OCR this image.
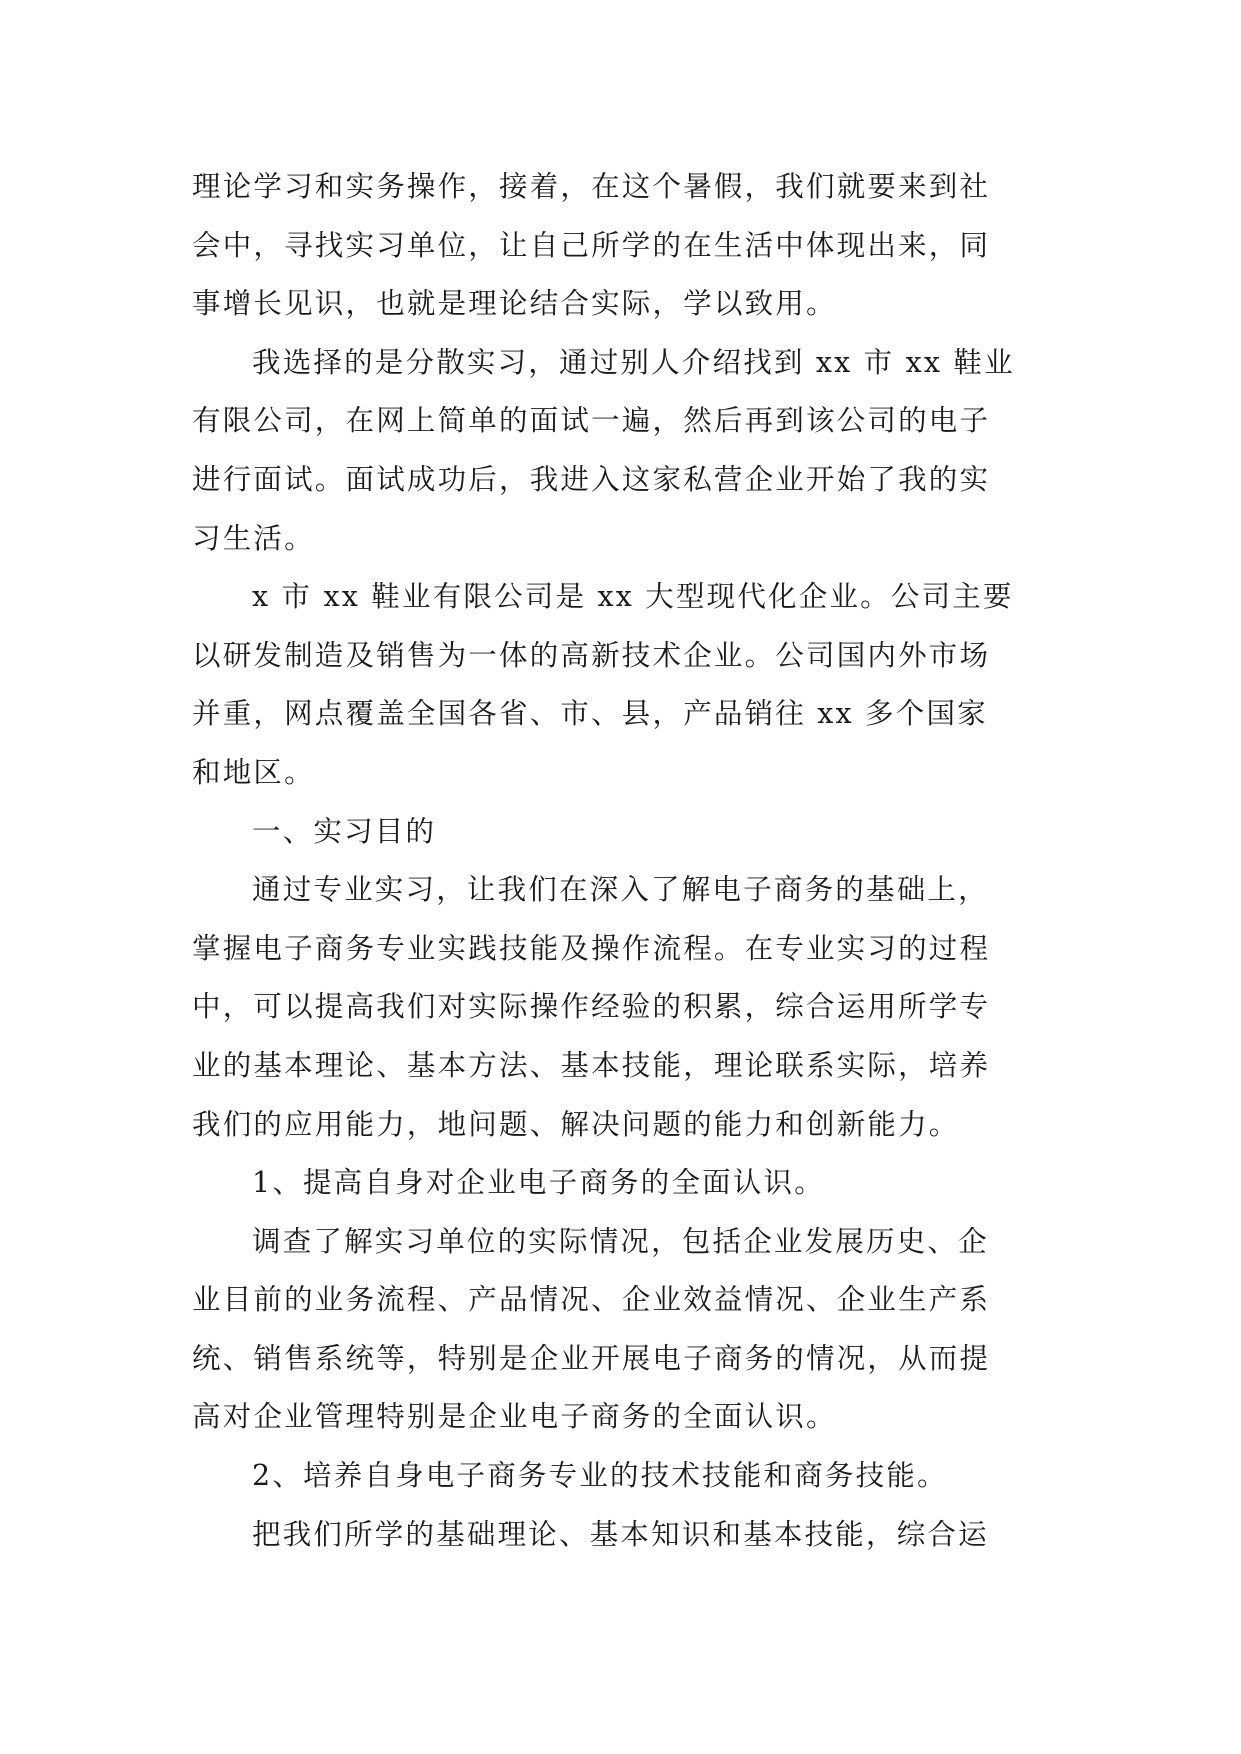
理论学习和实务操作，接着，在这个暑假，我们就要来到社
会中，寻找实习单位，让自己所学的在生活中体现出来，同
事增长见识，也就是理论结合实际，学以致用。
我选择的是分散实习，通过别人介绍找到 xx 市 xx 鞋业
有限公司，在网上简单的面试一遍，然后再到该公司的电子
进行面试。面试成功后，我进入这家私营企业开始了我的实
习生活。
x 市 xx 鞋业有限公司是 xx 大型现代化企业。公司主要
以研发制造及销售为一体的高新技术企业。公司国内外市场
并重，网点覆盖全国各省、市、县，产品销往 xx 多个国家
和地区。
一、实习目的
通过专业实习，让我们在深入了解电子商务的基础上，
掌握电子商务专业实践技能及操作流程。在专业实习的过程
中，可以提高我们对实际操作经验的积累，综合运用所学专
业的基本理论、基本方法、基本技能，理论联系实际，培养
我们的应用能力，地问题、解决问题的能力和创新能力。
1、提高自身对企业电子商务的全面认识。
调查了解实习单位的实际情况，包括企业发展历史、企
业目前的业务流程、产品情况、企业效益情况、企业生产系
统、销售系统等，特别是企业开展电子商务的情况，从而提
高对企业管理特别是企业电子商务的全面认识。
2、培养自身电子商务专业的技术技能和商务技能。
把我们所学的基础理论、基本知识和基本技能，综合运
